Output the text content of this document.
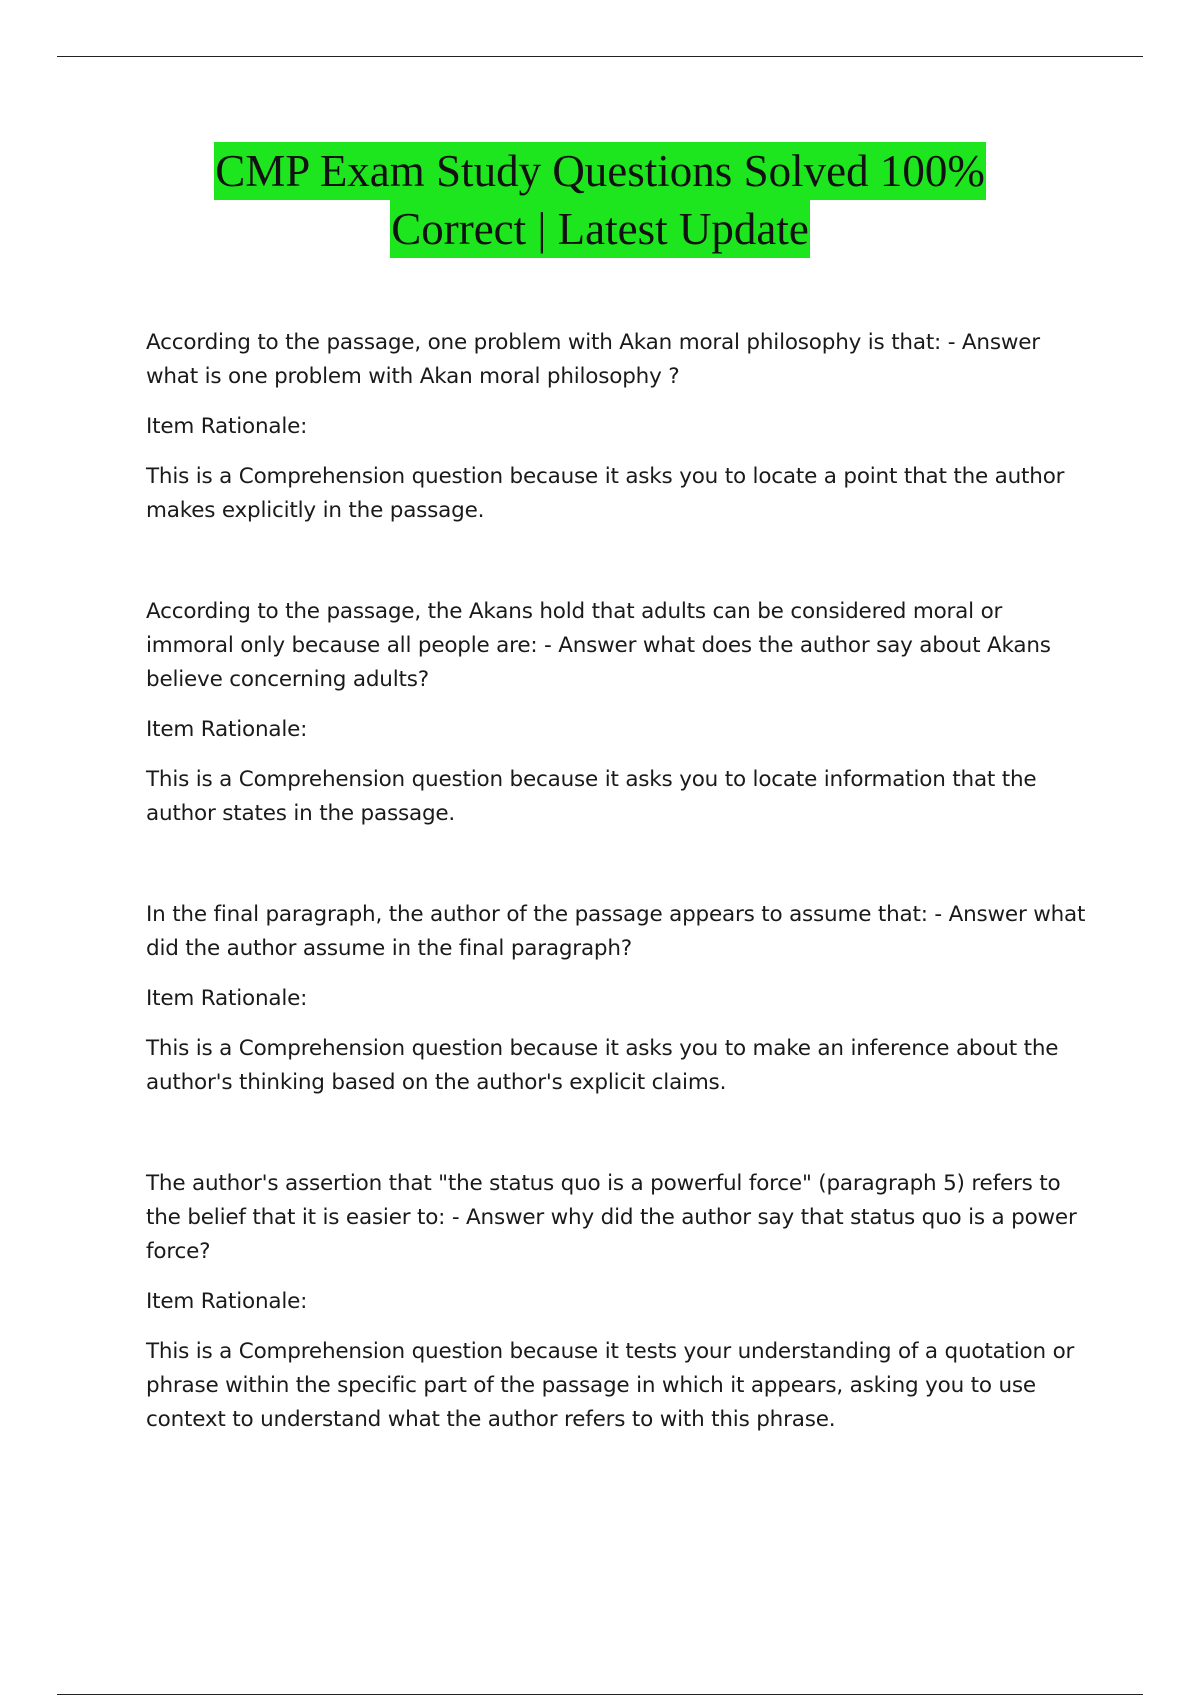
CMP Exam Study Questions Solved 100%
Correct | Latest Update

According to the passage, one problem with Akan moral philosophy is that: - Answer what is one problem with Akan moral philosophy ?

Item Rationale:

This is a Comprehension question because it asks you to locate a point that the author makes explicitly in the passage.

According to the passage, the Akans hold that adults can be considered moral or immoral only because all people are: - Answer what does the author say about Akans believe concerning adults?

Item Rationale:

This is a Comprehension question because it asks you to locate information that the author states in the passage.

In the final paragraph, the author of the passage appears to assume that: - Answer what did the author assume in the final paragraph?

Item Rationale:

This is a Comprehension question because it asks you to make an inference about the author's thinking based on the author's explicit claims.

The author's assertion that "the status quo is a powerful force" (paragraph 5) refers to the belief that it is easier to: - Answer why did the author say that status quo is a power force?

Item Rationale:

This is a Comprehension question because it tests your understanding of a quotation or phrase within the specific part of the passage in which it appears, asking you to use context to understand what the author refers to with this phrase.
